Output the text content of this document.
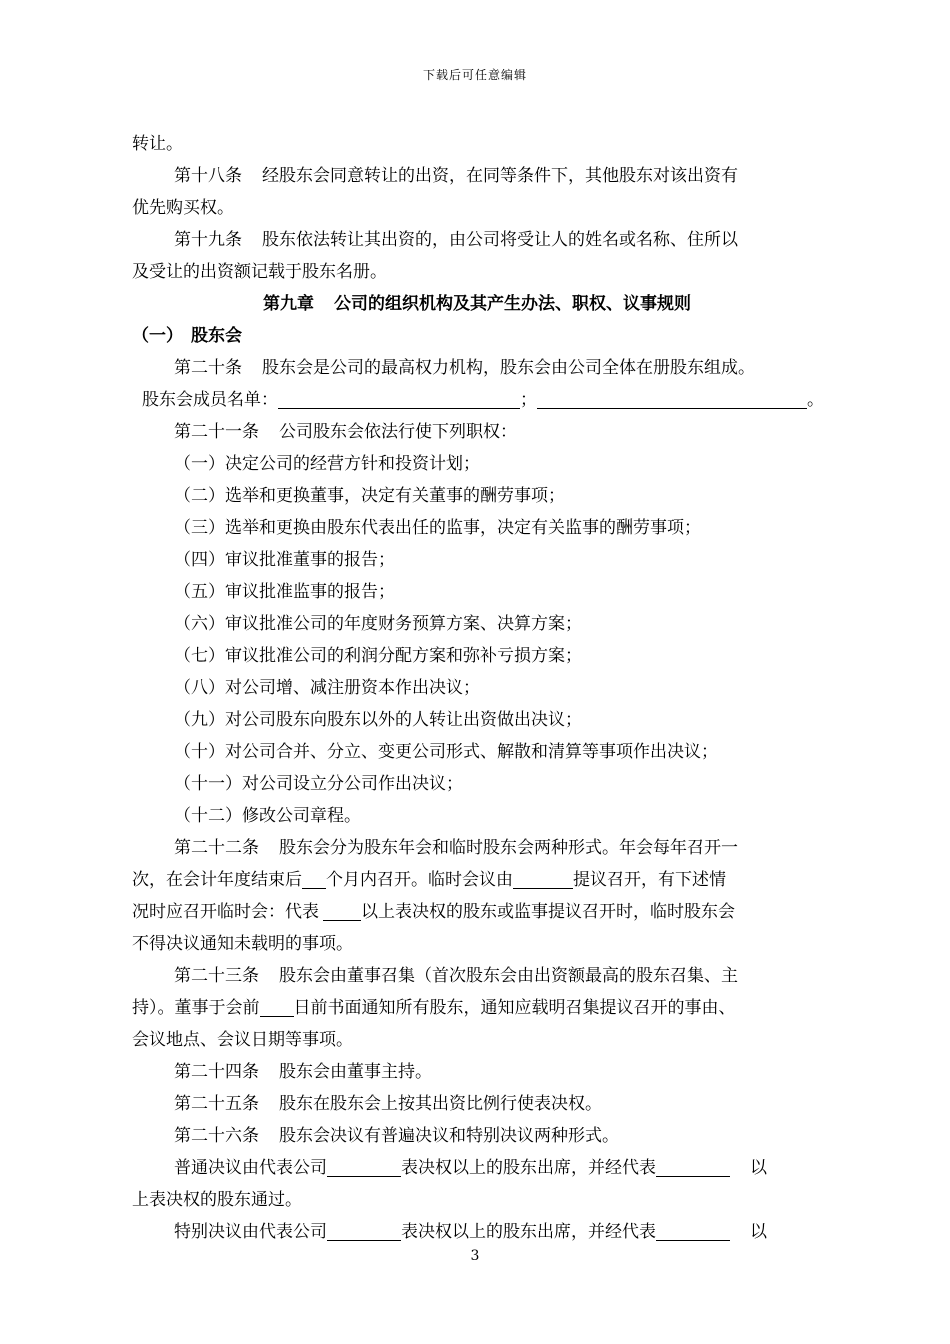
下载后可任意编辑
转让。
第十八条 经股东会同意转让的出资，在同等条件下，其他股东对该出资有
优先购买权。
第十九条 股东依法转让其出资的，由公司将受让人的姓名或名称、住所以
及受让的出资额记载于股东名册。
第九章 公司的组织机构及其产生办法、职权、议事规则
（一） 股东会
第二十条 股东会是公司的最高权力机构，股东会由公司全体在册股东组成。
股东会成员名单：	；	。
第二十一条 公司股东会依法行使下列职权：
（一）决定公司的经营方针和投资计划；
（二）选举和更换董事，决定有关董事的酬劳事项；
（三）选举和更换由股东代表出任的监事，决定有关监事的酬劳事项；
（四）审议批准董事的报告；
（五）审议批准监事的报告；
（六）审议批准公司的年度财务预算方案、决算方案；
（七）审议批准公司的利润分配方案和弥补亏损方案；
（八）对公司增、减注册资本作出决议；
（九）对公司股东向股东以外的人转让出资做出决议；
（十）对公司合并、分立、变更公司形式、解散和清算等事项作出决议；
（十一）对公司设立分公司作出决议；
（十二）修改公司章程。
第二十二条 股东会分为股东年会和临时股东会两种形式。年会每年召开一
次，在会计年度结束后 个月内召开。临时会议由	提议召开，有下述情
况时应召开临时会：代表 以上表决权的股东或监事提议召开时，临时股东会
不得决议通知未载明的事项。
第二十三条 股东会由董事召集（首次股东会由出资额最高的股东召集、主
持）。董事于会前 日前书面通知所有股东，通知应载明召集提议召开的事由、
会议地点、会议日期等事项。
第二十四条 股东会由董事主持。
第二十五条 股东在股东会上按其出资比例行使表决权。
第二十六条 股东会决议有普遍决议和特别决议两种形式。
普通决议由代表公司	表决权以上的股东出席，并经代表	以
上表决权的股东通过。
特别决议由代表公司	表决权以上的股东出席，并经代表	以
3
